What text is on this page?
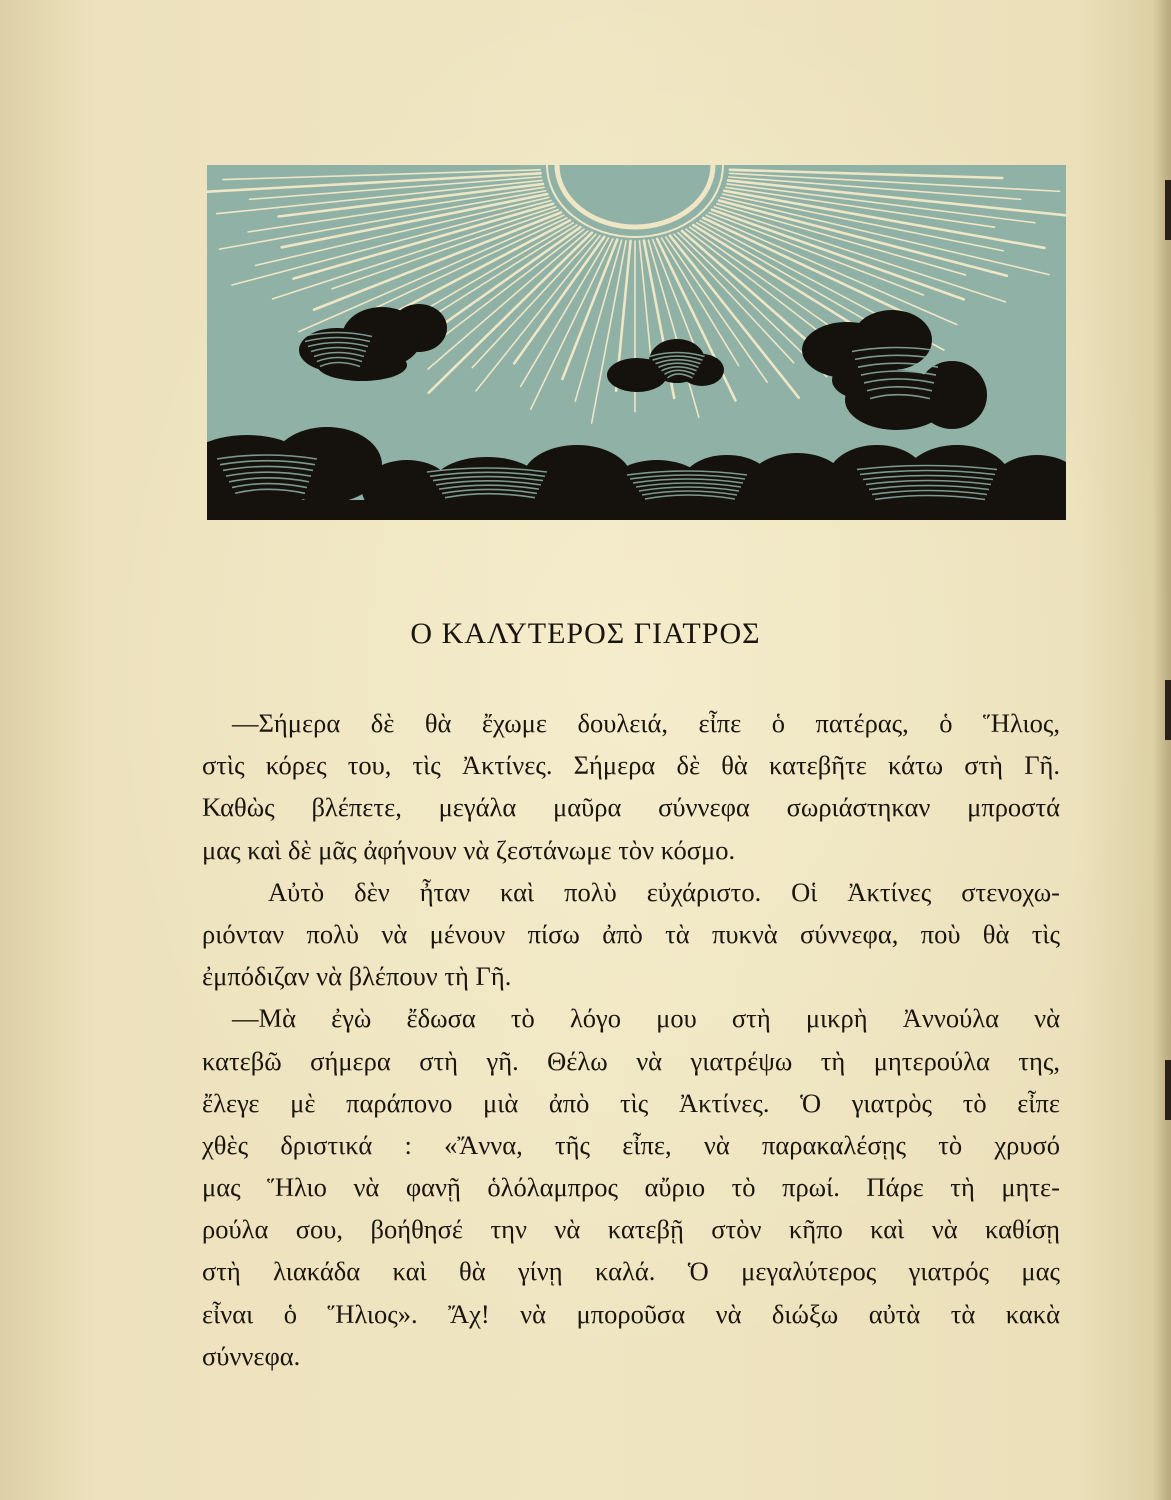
Ο ΚΑΛΥΤΕΡΟΣ ΓΙΑΤΡΟΣ
—Σήμερα δὲ θὰ ἔχωμε δουλειά, εἶπε ὁ πατέρας, ὁ Ἥλιος,
στὶς κόρες του, τὶς Ἀκτίνες. Σήμερα δὲ θὰ κατεβῆτε κάτω στὴ Γῆ.
Καθὼς βλέπετε, μεγάλα μαῦρα σύννεφα σωριάστηκαν μπροστά
μας καὶ δὲ μᾶς ἀφήνουν νὰ ζεστάνωμε τὸν κόσμο.
Αὐτὸ δὲν ἦταν καὶ πολὺ εὐχάριστο. Οἱ Ἀκτίνες στενοχω-
ριόνταν πολὺ νὰ μένουν πίσω ἀπὸ τὰ πυκνὰ σύννεφα, ποὺ θὰ τὶς
ἐμπόδιζαν νὰ βλέπουν τὴ Γῆ.
—Μὰ ἐγὼ ἔδωσα τὸ λόγο μου στὴ μικρὴ Ἀννούλα νὰ
κατεβῶ σήμερα στὴ γῆ. Θέλω νὰ γιατρέψω τὴ μητερούλα της,
ἔλεγε μὲ παράπονο μιὰ ἀπὸ τὶς Ἀκτίνες. Ὁ γιατρὸς τὸ εἶπε
χθὲς δριστικά : «Ἄννα, τῆς εἶπε, νὰ παρακαλέσῃς τὸ χρυσό
μας Ἥλιο νὰ φανῇ ὁλόλαμπρος αὔριο τὸ πρωί. Πάρε τὴ μητε-
ρούλα σου, βοήθησέ την νὰ κατεβῇ στὸν κῆπο καὶ νὰ καθίσῃ
στὴ λιακάδα καὶ θὰ γίνῃ καλά. Ὁ μεγαλύτερος γιατρός μας
εἶναι ὁ Ἥλιος». Ἄχ! νὰ μποροῦσα νὰ διώξω αὐτὰ τὰ κακὰ
σύννεφα.
